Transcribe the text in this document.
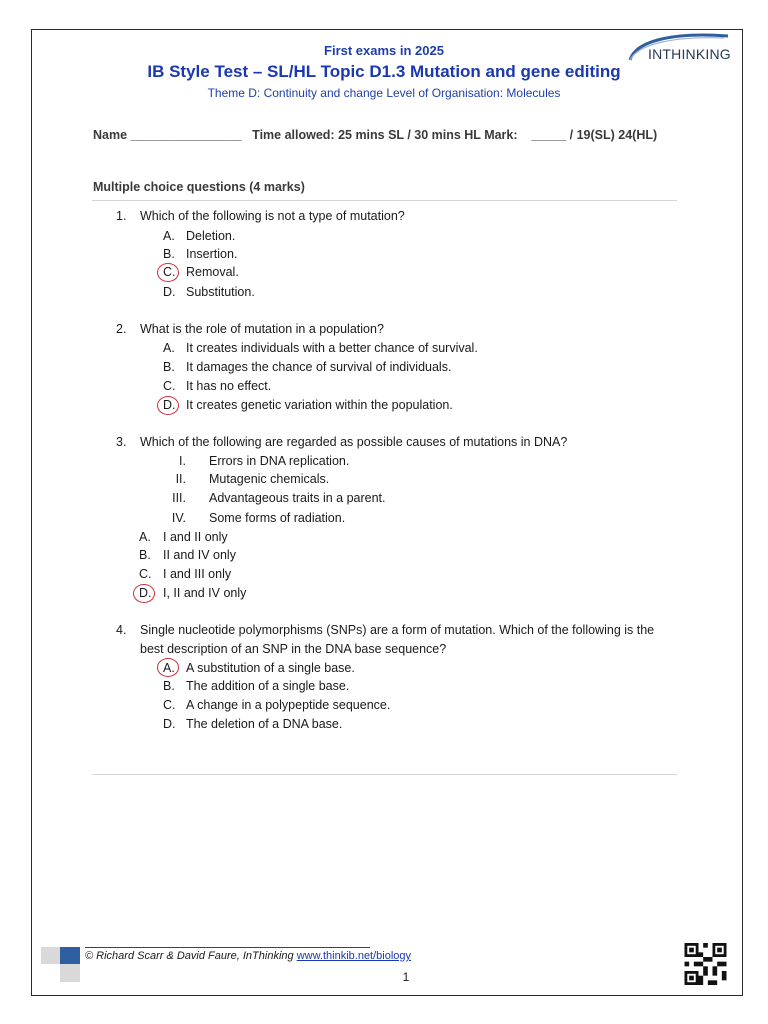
First exams in 2025
IB Style Test – SL/HL Topic D1.3 Mutation and gene editing
Theme D: Continuity and change Level of Organisation: Molecules
INTHINKING
Name ________________   Time allowed: 25 mins SL / 30 mins HL Mark:    _____ / 19(SL) 24(HL)
Multiple choice questions (4 marks)
1. Which of the following is not a type of mutation?
A. Deletion.
B. Insertion.
C. Removal.
D. Substitution.
2. What is the role of mutation in a population?
A. It creates individuals with a better chance of survival.
B. It damages the chance of survival of individuals.
C. It has no effect.
D. It creates genetic variation within the population.
3. Which of the following are regarded as possible causes of mutations in DNA?
I. Errors in DNA replication.
II. Mutagenic chemicals.
III. Advantageous traits in a parent.
IV. Some forms of radiation.
A. I and II only
B. II and IV only
C. I and III only
D. I, II and IV only
4. Single nucleotide polymorphisms (SNPs) are a form of mutation. Which of the following is the
best description of an SNP in the DNA base sequence?
A. A substitution of a single base.
B. The addition of a single base.
C. A change in a polypeptide sequence.
D. The deletion of a DNA base.
© Richard Scarr & David Faure, InThinking www.thinkib.net/biology
1
